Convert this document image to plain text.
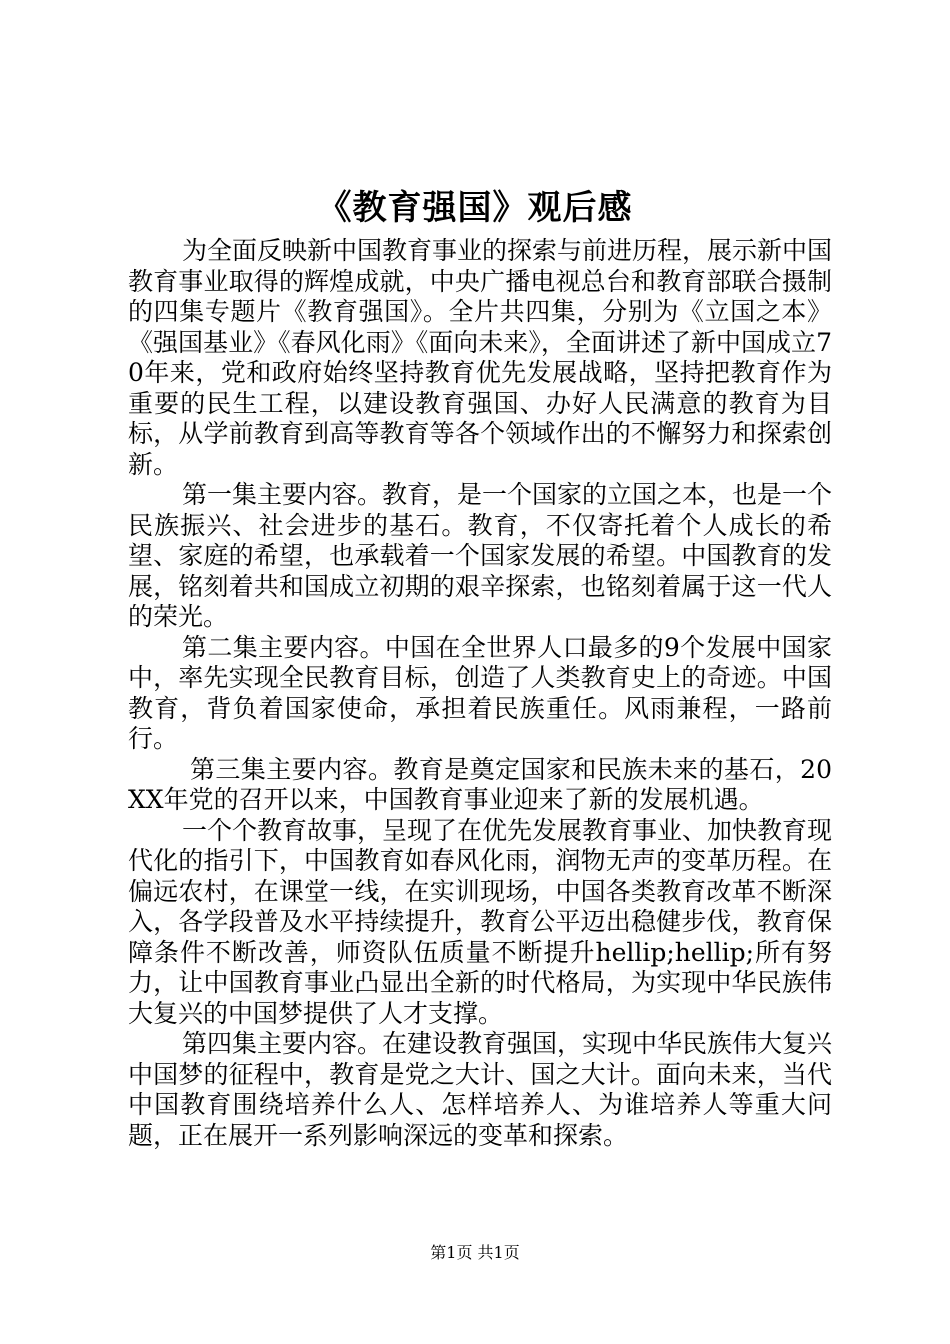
《教育强国》观后感

为全面反映新中国教育事业的探索与前进历程，展示新中国教育事业取得的辉煌成就，中央广播电视总台和教育部联合摄制的四集专题片《教育强国》。全片共四集，分别为《立国之本》《强国基业》《春风化雨》《面向未来》，全面讲述了新中国成立70年来，党和政府始终坚持教育优先发展战略，坚持把教育作为重要的民生工程，以建设教育强国、办好人民满意的教育为目标，从学前教育到高等教育等各个领域作出的不懈努力和探索创新。

第一集主要内容。教育，是一个国家的立国之本，也是一个民族振兴、社会进步的基石。教育，不仅寄托着个人成长的希望、家庭的希望，也承载着一个国家发展的希望。中国教育的发展，铭刻着共和国成立初期的艰辛探索，也铭刻着属于这一代人的荣光。

第二集主要内容。中国在全世界人口最多的9个发展中国家中，率先实现全民教育目标，创造了人类教育史上的奇迹。中国教育，背负着国家使命，承担着民族重任。风雨兼程，一路前行。

第三集主要内容。教育是奠定国家和民族未来的基石，20XX年党的召开以来，中国教育事业迎来了新的发展机遇。

一个个教育故事，呈现了在优先发展教育事业、加快教育现代化的指引下，中国教育如春风化雨，润物无声的变革历程。在偏远农村，在课堂一线，在实训现场，中国各类教育改革不断深入，各学段普及水平持续提升，教育公平迈出稳健步伐，教育保障条件不断改善，师资队伍质量不断提升hellip;hellip;所有努力，让中国教育事业凸显出全新的时代格局，为实现中华民族伟大复兴的中国梦提供了人才支撑。

第四集主要内容。在建设教育强国，实现中华民族伟大复兴中国梦的征程中，教育是党之大计、国之大计。面向未来，当代中国教育围绕培养什么人、怎样培养人、为谁培养人等重大问题，正在展开一系列影响深远的变革和探索。

第1页 共1页
